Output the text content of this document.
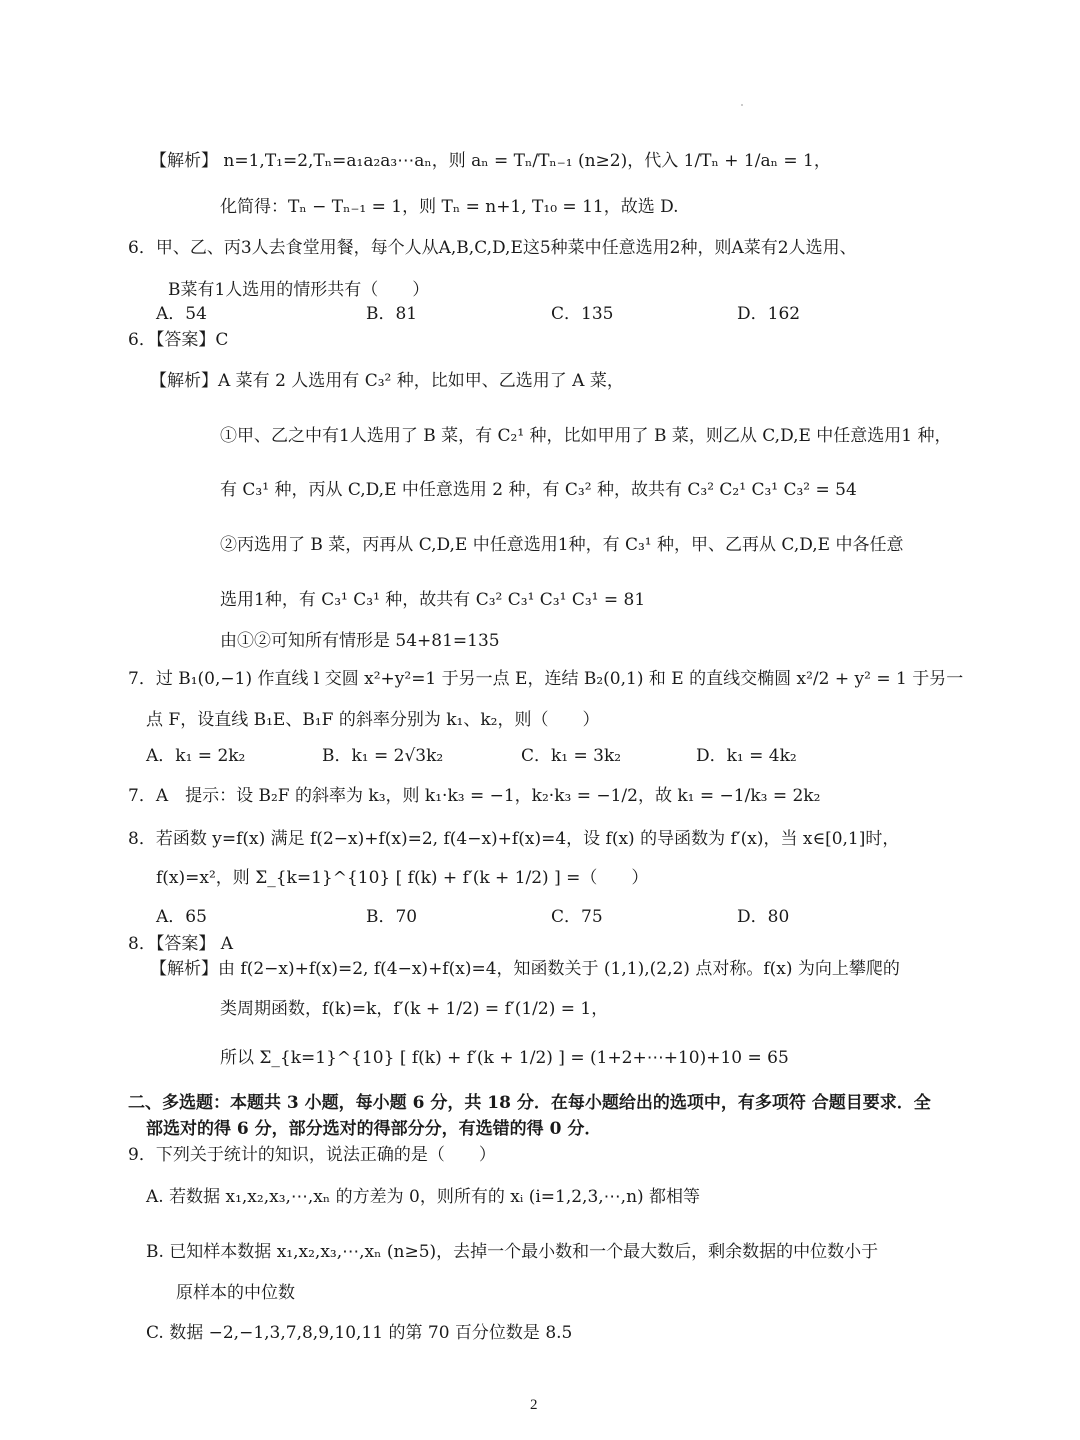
【解析】 n=1,T₁=2,Tₙ=a₁a₂a₃⋯aₙ，则 aₙ = Tₙ/Tₙ₋₁ (n≥2)，代入 1/Tₙ + 1/aₙ = 1，
化简得：Tₙ − Tₙ₋₁ = 1，则 Tₙ = n+1, T₁₀ = 11，故选 D.
6．甲、乙、丙3人去食堂用餐，每个人从A,B,C,D,E这5种菜中任意选用2种，则A菜有2人选用、
B菜有1人选用的情形共有（　　）
A．54	B．81	C．135	D．162
6．【答案】C
【解析】A 菜有 2 人选用有 C₃² 种，比如甲、乙选用了 A 菜，
①甲、乙之中有1人选用了 B 菜，有 C₂¹ 种，比如甲用了 B 菜，则乙从 C,D,E 中任意选用1 种，
有 C₃¹ 种，丙从 C,D,E 中任意选用 2 种，有 C₃² 种，故共有 C₃² C₂¹ C₃¹ C₃² = 54
②丙选用了 B 菜，丙再从 C,D,E 中任意选用1种，有 C₃¹ 种，甲、乙再从 C,D,E 中各任意
选用1种，有 C₃¹ C₃¹ 种，故共有 C₃² C₃¹ C₃¹ C₃¹ = 81
由①②可知所有情形是 54+81=135
7．过 B₁(0,−1) 作直线 l 交圆 x²+y²=1 于另一点 E，连结 B₂(0,1) 和 E 的直线交椭圆 x²/2 + y² = 1 于另一
点 F，设直线 B₁E、B₁F 的斜率分别为 k₁、k₂，则（　　）
A．k₁ = 2k₂	B．k₁ = 2√3k₂	C．k₁ = 3k₂	D．k₁ = 4k₂
7．A　提示：设 B₂F 的斜率为 k₃，则 k₁·k₃ = −1，k₂·k₃ = −1/2，故 k₁ = −1/k₃ = 2k₂
8．若函数 y=f(x) 满足 f(2−x)+f(x)=2, f(4−x)+f(x)=4，设 f(x) 的导函数为 f′(x)，当 x∈[0,1]时，
f(x)=x²，则 Σ_{k=1}^{10} [ f(k) + f′(k + 1/2) ] =（　　）
A．65	B．70	C．75	D．80
8．【答案】 A
【解析】由 f(2−x)+f(x)=2, f(4−x)+f(x)=4，知函数关于 (1,1),(2,2) 点对称。f(x) 为向上攀爬的
类周期函数，f(k)=k，f′(k + 1/2) = f′(1/2) = 1，
所以 Σ_{k=1}^{10} [ f(k) + f′(k + 1/2) ] = (1+2+⋯+10)+10 = 65
二、多选题：本题共 3 小题，每小题 6 分，共 18 分．在每小题给出的选项中，有多项符 合题目要求．全
部选对的得 6 分，部分选对的得部分分，有选错的得 0 分．
9．下列关于统计的知识，说法正确的是（　　）
A. 若数据 x₁,x₂,x₃,⋯,xₙ 的方差为 0，则所有的 xᵢ (i=1,2,3,⋯,n) 都相等
B. 已知样本数据 x₁,x₂,x₃,⋯,xₙ (n≥5)，去掉一个最小数和一个最大数后，剩余数据的中位数小于
原样本的中位数
C. 数据 −2,−1,3,7,8,9,10,11 的第 70 百分位数是 8.5
2
